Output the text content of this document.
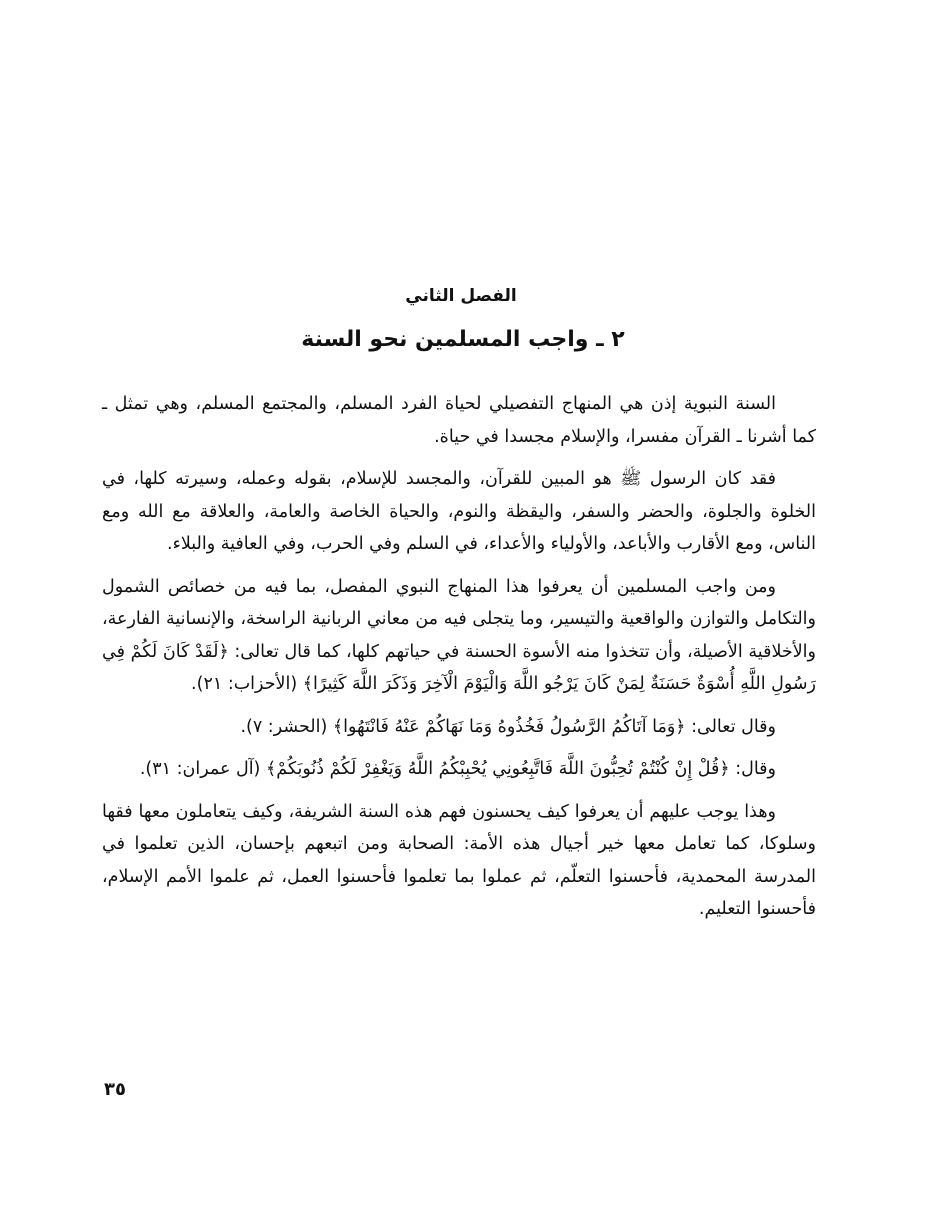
الفصل الثاني
٢ ـ واجب المسلمين نحو السنة

السنة النبوية إذن هي المنهاج التفصيلي لحياة الفرد المسلم، والمجتمع المسلم، وهي تمثل ـ كما أشرنا ـ القرآن مفسرا، والإسلام مجسدا في حياة.

فقد كان الرسول ﷺ هو المبين للقرآن، والمجسد للإسلام، بقوله وعمله، وسيرته كلها، في الخلوة والجلوة، والحضر والسفر، واليقظة والنوم، والحياة الخاصة والعامة، والعلاقة مع الله ومع الناس، ومع الأقارب والأباعد، والأولياء والأعداء، في السلم وفي الحرب، وفي العافية والبلاء.

ومن واجب المسلمين أن يعرفوا هذا المنهاج النبوي المفصل، بما فيه من خصائص الشمول والتكامل والتوازن والواقعية والتيسير، وما يتجلى فيه من معاني الربانية الراسخة، والإنسانية الفارعة، والأخلاقية الأصيلة، وأن تتخذوا منه الأسوة الحسنة في حياتهم كلها، كما قال تعالى: ﴿لَقَدْ كَانَ لَكُمْ فِي رَسُولِ اللَّهِ أُسْوَةٌ حَسَنَةٌ لِمَنْ كَانَ يَرْجُو اللَّهَ وَالْيَوْمَ الْآخِرَ وَذَكَرَ اللَّهَ كَثِيرًا﴾ (الأحزاب: ٢١).

وقال تعالى: ﴿وَمَا آتَاكُمُ الرَّسُولُ فَخُذُوهُ وَمَا نَهَاكُمْ عَنْهُ فَانْتَهُوا﴾ (الحشر: ٧).

وقال: ﴿قُلْ إِنْ كُنْتُمْ تُحِبُّونَ اللَّهَ فَاتَّبِعُونِي يُحْبِبْكُمُ اللَّهُ وَيَغْفِرْ لَكُمْ ذُنُوبَكُمْ﴾ (آل عمران: ٣١).

وهذا يوجب عليهم أن يعرفوا كيف يحسنون فهم هذه السنة الشريفة، وكيف يتعاملون معها فقها وسلوكا، كما تعامل معها خير أجيال هذه الأمة: الصحابة ومن اتبعهم بإحسان، الذين تعلموا في المدرسة المحمدية، فأحسنوا التعلّم، ثم عملوا بما تعلموا فأحسنوا العمل، ثم علموا الأمم الإسلام، فأحسنوا التعليم.

٣٥
